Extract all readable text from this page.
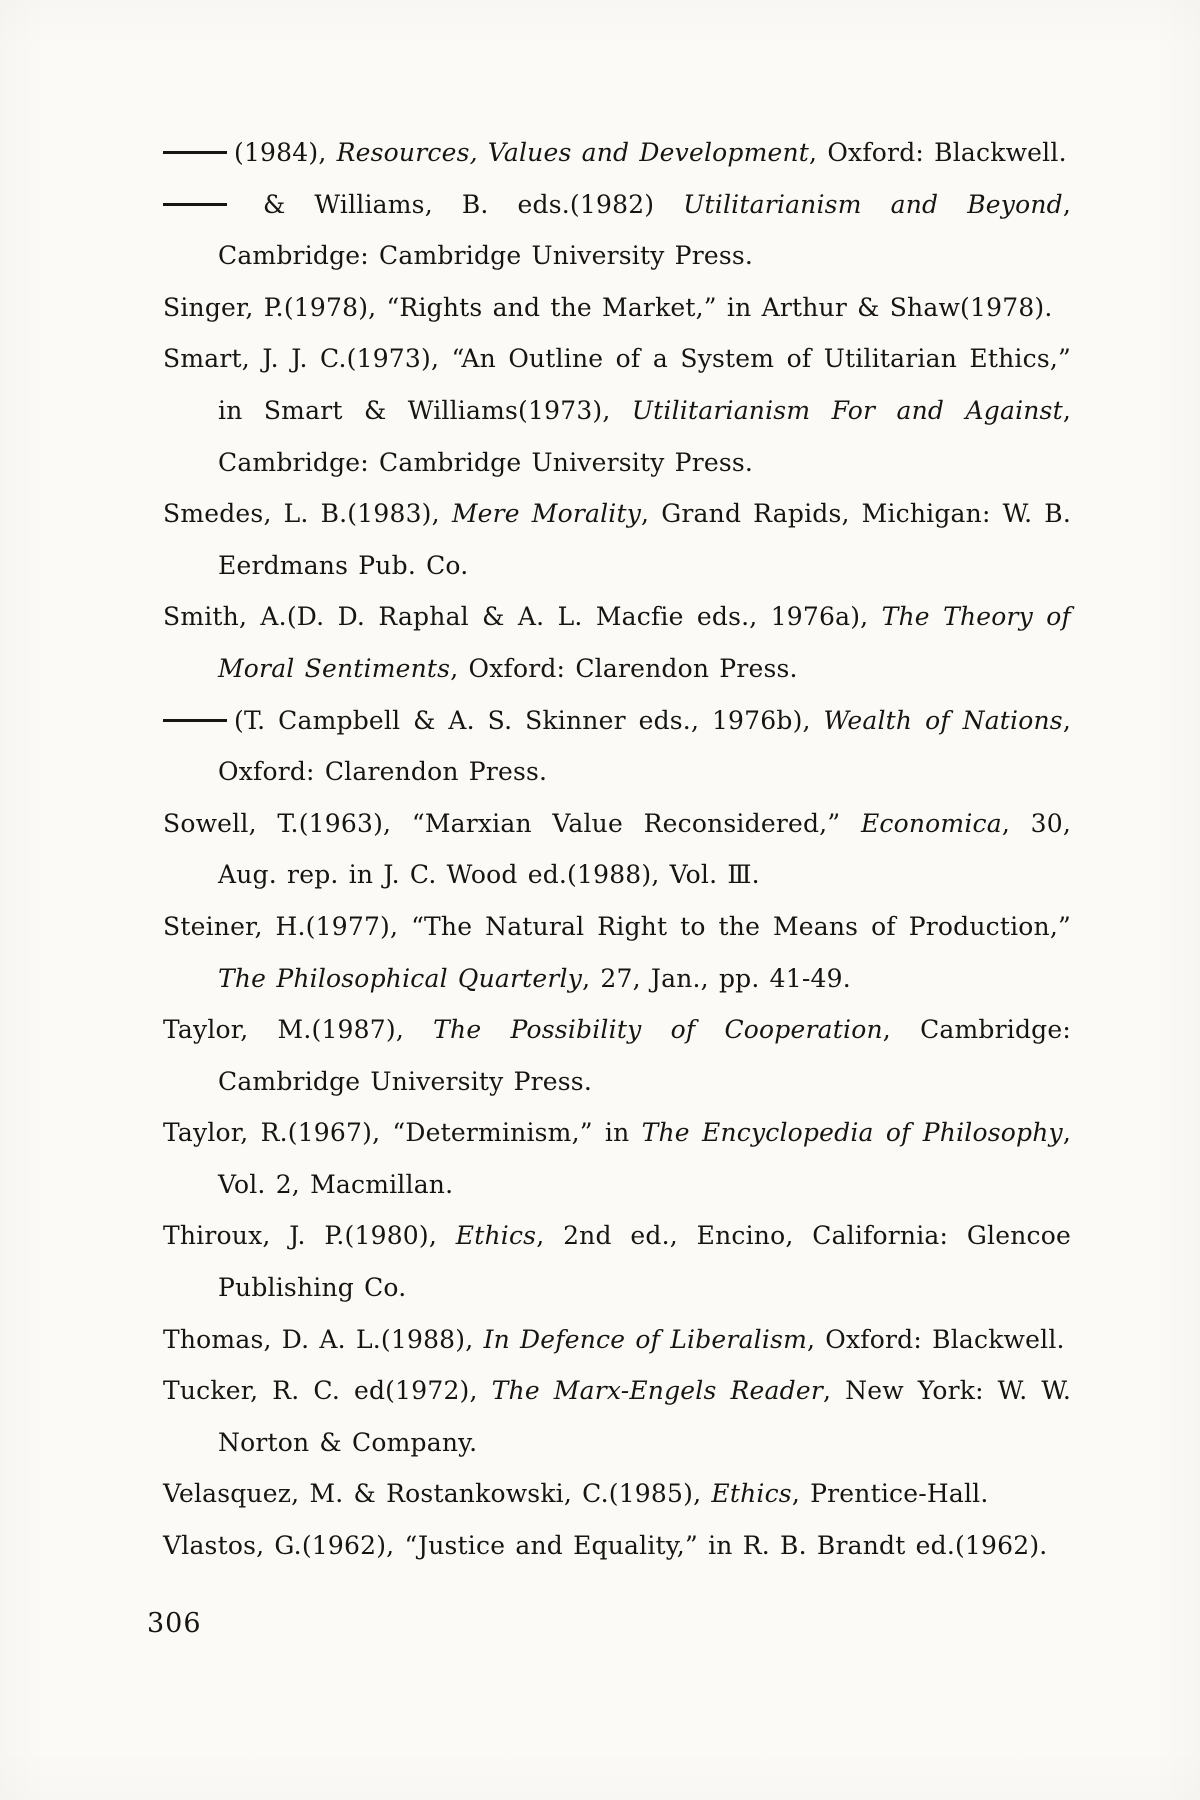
(1984), Resources, Values and Development, Oxford: Blackwell.

& Williams, B. eds.(1982) Utilitarianism and Beyond, Cambridge: Cambridge University Press.

Singer, P.(1978), “Rights and the Market,” in Arthur & Shaw(1978).

Smart, J. J. C.(1973), “An Outline of a System of Utilitarian Ethics,” in Smart & Williams(1973), Utilitarianism For and Against, Cambridge: Cambridge University Press.

Smedes, L. B.(1983), Mere Morality, Grand Rapids, Michigan: W. B. Eerdmans Pub. Co.

Smith, A.(D. D. Raphal & A. L. Macfie eds., 1976a), The Theory of Moral Sentiments, Oxford: Clarendon Press.

(T. Campbell & A. S. Skinner eds., 1976b), Wealth of Nations, Oxford: Clarendon Press.

Sowell, T.(1963), “Marxian Value Reconsidered,” Economica, 30, Aug. rep. in J. C. Wood ed.(1988), Vol. Ⅲ.

Steiner, H.(1977), “The Natural Right to the Means of Production,” The Philosophical Quarterly, 27, Jan., pp. 41-49.

Taylor, M.(1987), The Possibility of Cooperation, Cambridge: Cambridge University Press.

Taylor, R.(1967), “Determinism,” in The Encyclopedia of Philosophy, Vol. 2, Macmillan.

Thiroux, J. P.(1980), Ethics, 2nd ed., Encino, California: Glencoe Publishing Co.

Thomas, D. A. L.(1988), In Defence of Liberalism, Oxford: Blackwell.

Tucker, R. C. ed(1972), The Marx-Engels Reader, New York: W. W. Norton & Company.

Velasquez, M. & Rostankowski, C.(1985), Ethics, Prentice-Hall.

Vlastos, G.(1962), “Justice and Equality,” in R. B. Brandt ed.(1962).

306
